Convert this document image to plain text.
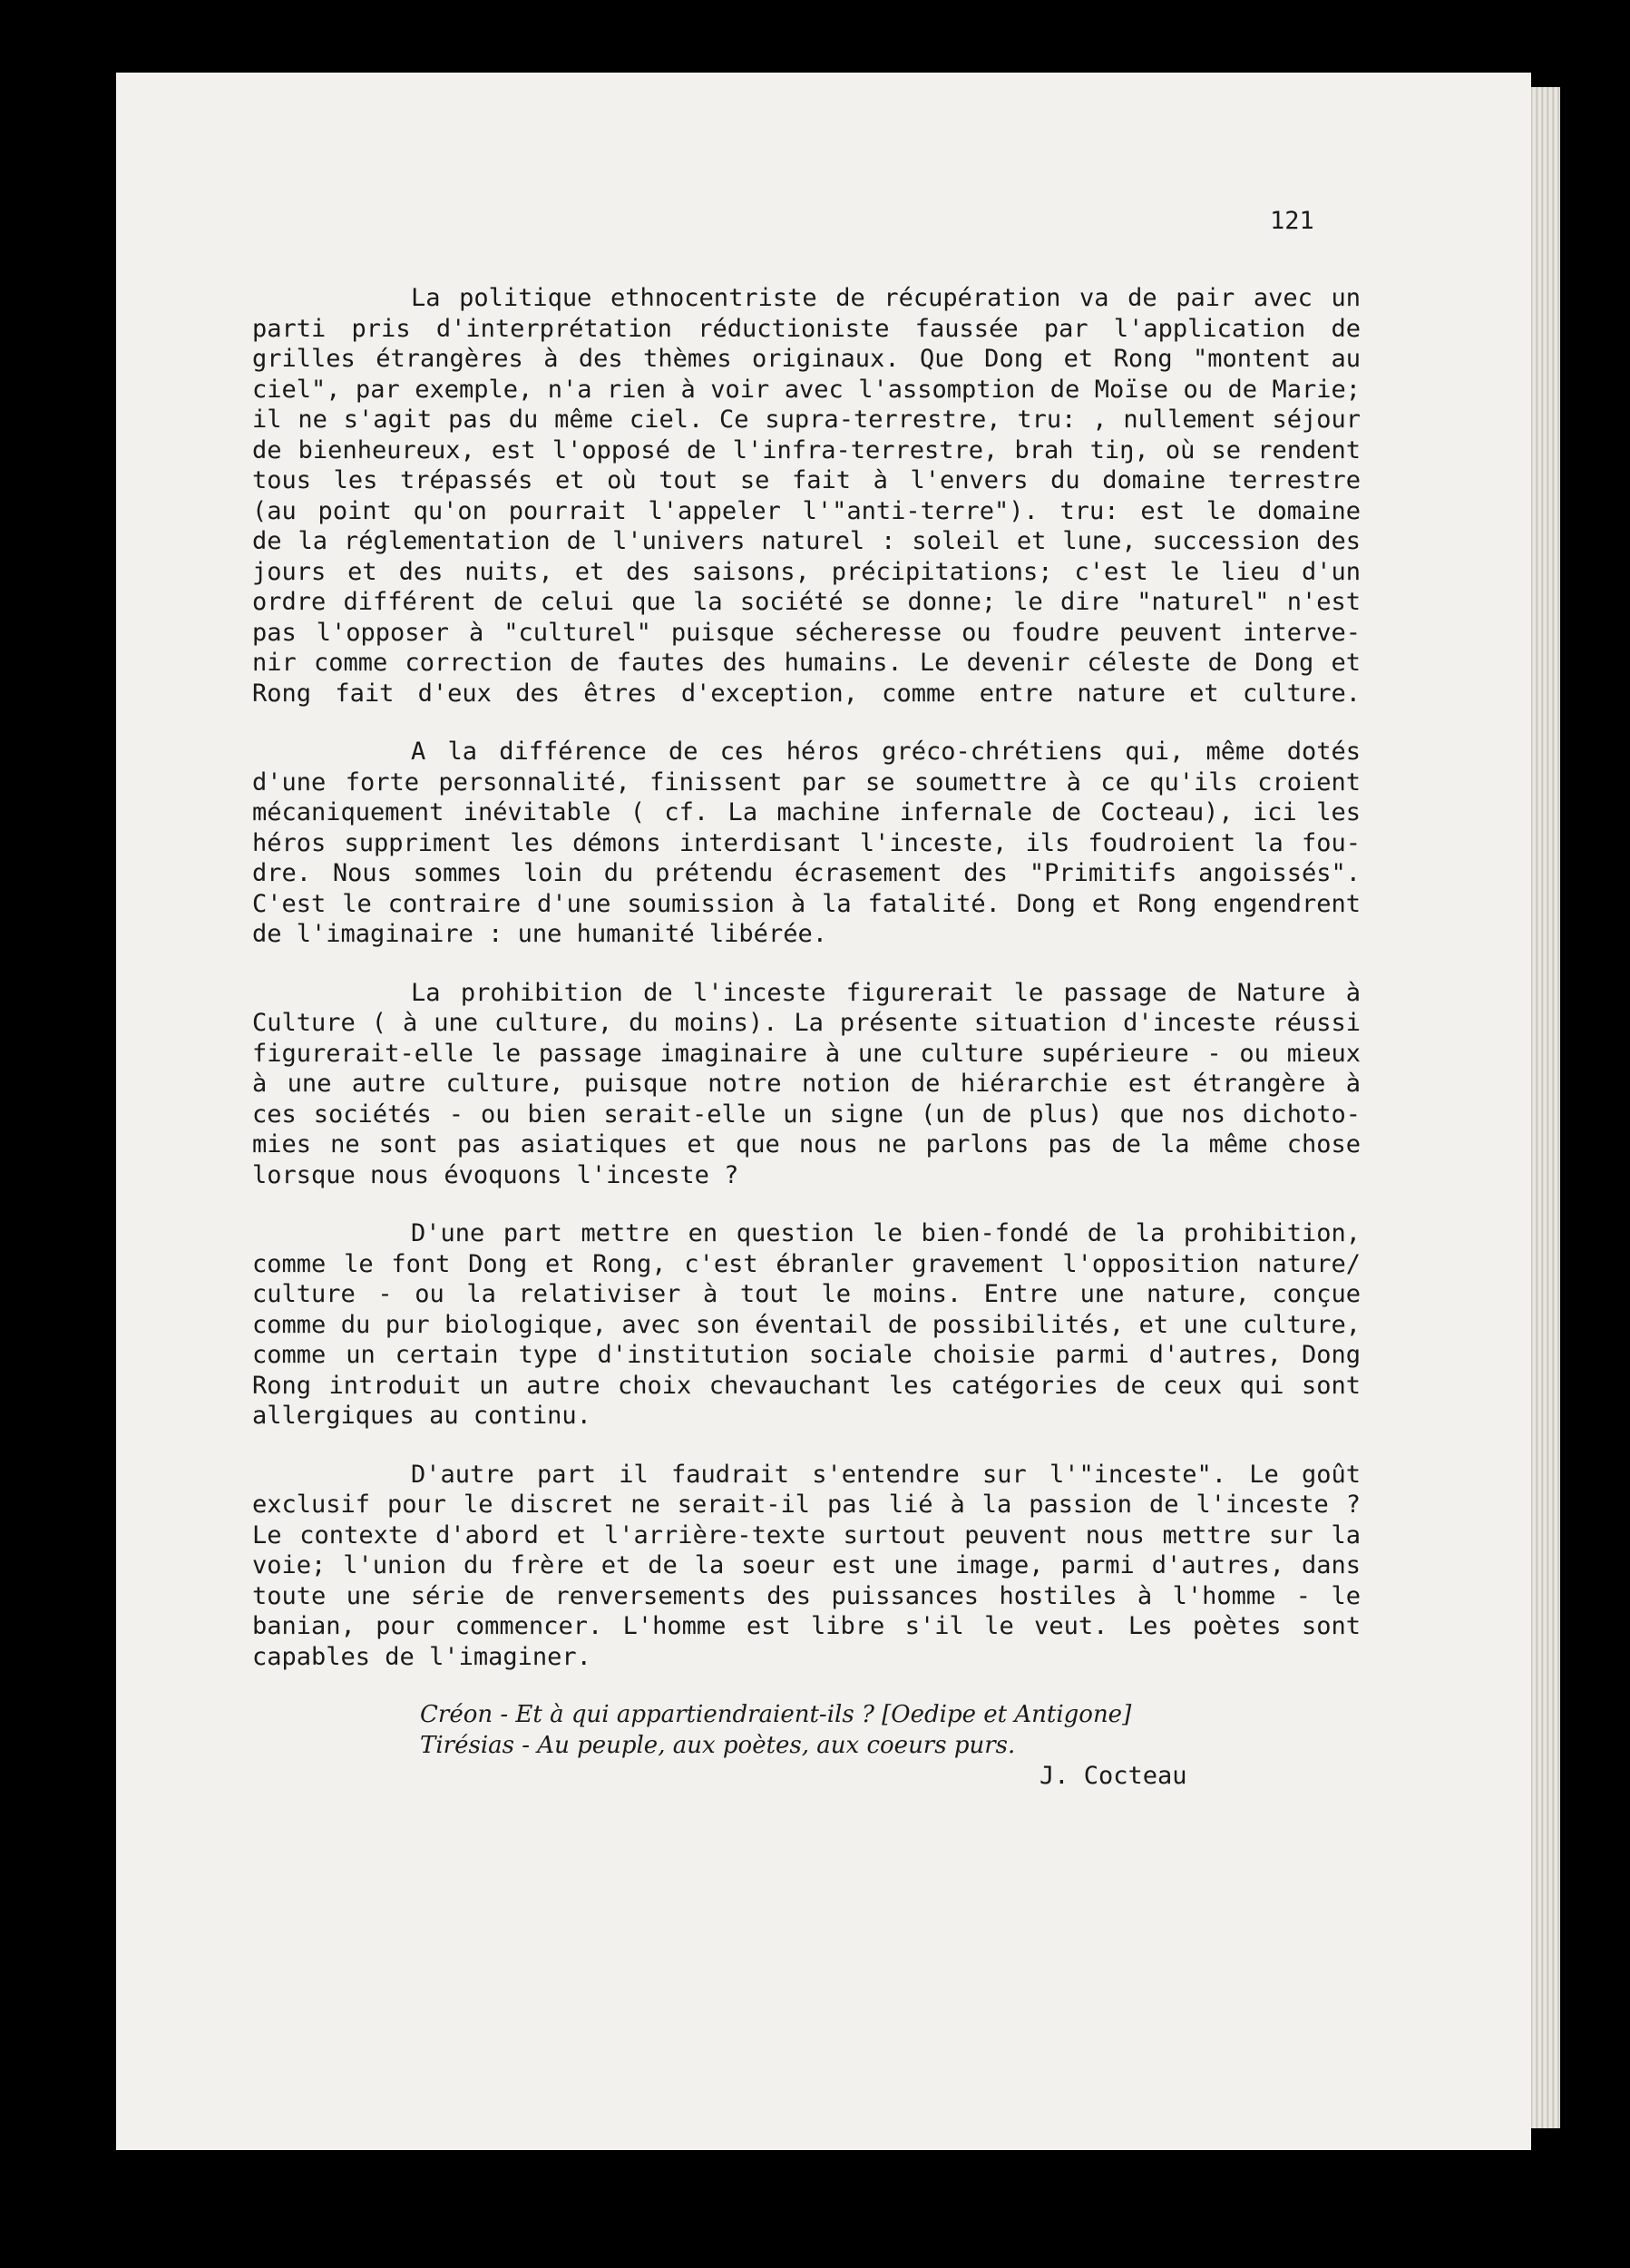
121
La politique ethnocentriste de récupération va de pair avec un
parti pris d'interprétation réductioniste faussée par l'application de
grilles étrangères à des thèmes originaux. Que Dong et Rong "montent au
ciel", par exemple, n'a rien à voir avec l'assomption de Moïse ou de Marie;
il ne s'agit pas du même ciel. Ce supra-terrestre, tru: , nullement séjour
de bienheureux, est l'opposé de l'infra-terrestre, brah tiŋ, où se rendent
tous les trépassés et où tout se fait à l'envers du domaine terrestre
(au point qu'on pourrait l'appeler l'"anti-terre"). tru: est le domaine
de la réglementation de l'univers naturel : soleil et lune, succession des
jours et des nuits, et des saisons, précipitations; c'est le lieu d'un
ordre différent de celui que la société se donne; le dire "naturel" n'est
pas l'opposer à "culturel" puisque sécheresse ou foudre peuvent interve-
nir comme correction de fautes des humains. Le devenir céleste de Dong et
Rong fait d'eux des êtres d'exception, comme entre nature et culture.
A la différence de ces héros gréco-chrétiens qui, même dotés
d'une forte personnalité, finissent par se soumettre à ce qu'ils croient
mécaniquement inévitable ( cf. La machine infernale de Cocteau), ici les
héros suppriment les démons interdisant l'inceste, ils foudroient la fou-
dre. Nous sommes loin du prétendu écrasement des "Primitifs angoissés".
C'est le contraire d'une soumission à la fatalité. Dong et Rong engendrent
de l'imaginaire : une humanité libérée.
La prohibition de l'inceste figurerait le passage de Nature à
Culture ( à une culture, du moins). La présente situation d'inceste réussi
figurerait-elle le passage imaginaire à une culture supérieure - ou mieux
à une autre culture, puisque notre notion de hiérarchie est étrangère à
ces sociétés - ou bien serait-elle un signe (un de plus) que nos dichoto-
mies ne sont pas asiatiques et que nous ne parlons pas de la même chose
lorsque nous évoquons l'inceste ?
D'une part mettre en question le bien-fondé de la prohibition,
comme le font Dong et Rong, c'est ébranler gravement l'opposition nature/
culture - ou la relativiser à tout le moins. Entre une nature, conçue
comme du pur biologique, avec son éventail de possibilités, et une culture,
comme un certain type d'institution sociale choisie parmi d'autres, Dong
Rong introduit un autre choix chevauchant les catégories de ceux qui sont
allergiques au continu.
D'autre part il faudrait s'entendre sur l'"inceste". Le goût
exclusif pour le discret ne serait-il pas lié à la passion de l'inceste ?
Le contexte d'abord et l'arrière-texte surtout peuvent nous mettre sur la
voie; l'union du frère et de la soeur est une image, parmi d'autres, dans
toute une série de renversements des puissances hostiles à l'homme - le
banian, pour commencer. L'homme est libre s'il le veut. Les poètes sont
capables de l'imaginer.
Créon - Et à qui appartiendraient-ils ? [Oedipe et Antigone]
Tirésias - Au peuple, aux poètes, aux coeurs purs.
J. Cocteau
